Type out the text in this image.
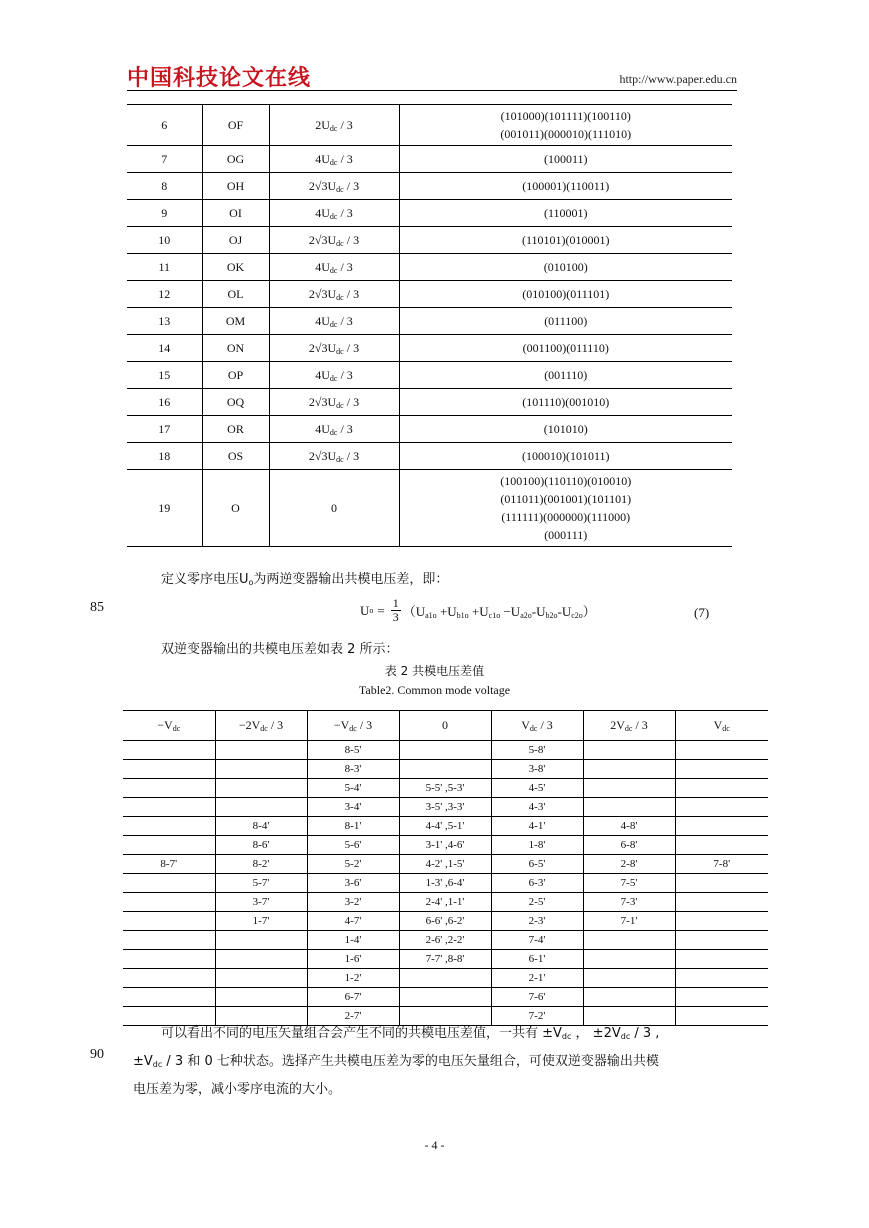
中国科技论文在线	http://www.paper.edu.cn
6	OF	$2U_{dc} / 3$	(101000)(101111)(100110)
(001011)(000010)(111010)
7	OG	$4U_{dc} / 3$	(100011)
8	OH	$2√3U_{dc} / 3$	(100001)(110011)
9	OI	$4U_{dc} / 3$	(110001)
10	OJ	$2√3U_{dc} / 3$	(110101)(010001)
11	OK	$4U_{dc} / 3$	(010100)
12	OL	$2√3U_{dc} / 3$	(010100)(011101)
13	OM	$4U_{dc} / 3$	(011100)
14	ON	$2√3U_{dc} / 3$	(001100)(011110)
15	OP	$4U_{dc} / 3$	(001110)
16	OQ	$2√3U_{dc} / 3$	(101110)(001010)
17	OR	$4U_{dc} / 3$	(101010)
18	OS	$2√3U_{dc} / 3$	(100010)(101011)
19	O	0	(100100)(110110)(010010)
(011011)(001001)(101101)
(111111)(000000)(111000)
(000111)
定义零序电压$U_o$为两逆变器输出共模电压差，即：
85	U $o = \frac{1}{3} (U_{a1o} +U_{b1o} +U_{c1o} -U_{a2o}-U_{b2o}-U_{c2o})$	(7)
双逆变器输出的共模电压差如表 2 所示：
表 2 共模电压差值
Table2. Common mode voltage
$-V_{dc}$	$-2V_{dc} / 3$	$-V_{dc} / 3$	0	$V_{dc} / 3$	$2V_{dc} / 3$	$V_{dc}$
		8-5'		5-8'		
		8-3'		3-8'		
		5-4'	5-5' ,5-3'	4-5'		
		3-4'	3-5' ,3-3'	4-3'		
	8-4'	8-1'	4-4' ,5-1'	4-1'	4-8'	
	8-6'	5-6'	3-1' ,4-6'	1-8'	6-8'	
8-7'	8-2'	5-2'	4-2' ,1-5'	6-5'	2-8'	7-8'
	5-7'	3-6'	1-3' ,6-4'	6-3'	7-5'	
	3-7'	3-2'	2-4' ,1-1'	2-5'	7-3'	
	1-7'	4-7'	6-6' ,6-2'	2-3'	7-1'	
		1-4'	2-6' ,2-2'	7-4'		
		1-6'	7-7' ,8-8'	6-1'		
		1-2'		2-1'		
		6-7'		7-6'		
		2-7'		7-2'		
可以看出不同的电压矢量组合会产生不同的共模电压差值，一共有 $\pm V_{dc}$ ， $\pm 2V_{dc} / 3$ ,
$90 \pm V_{dc} / 3$ 和 0 七种状态。选择产生共模电压差为零的电压矢量组合，可使双逆变器输出共模
电压差为零，减小零序电流的大小。
- 4 -
